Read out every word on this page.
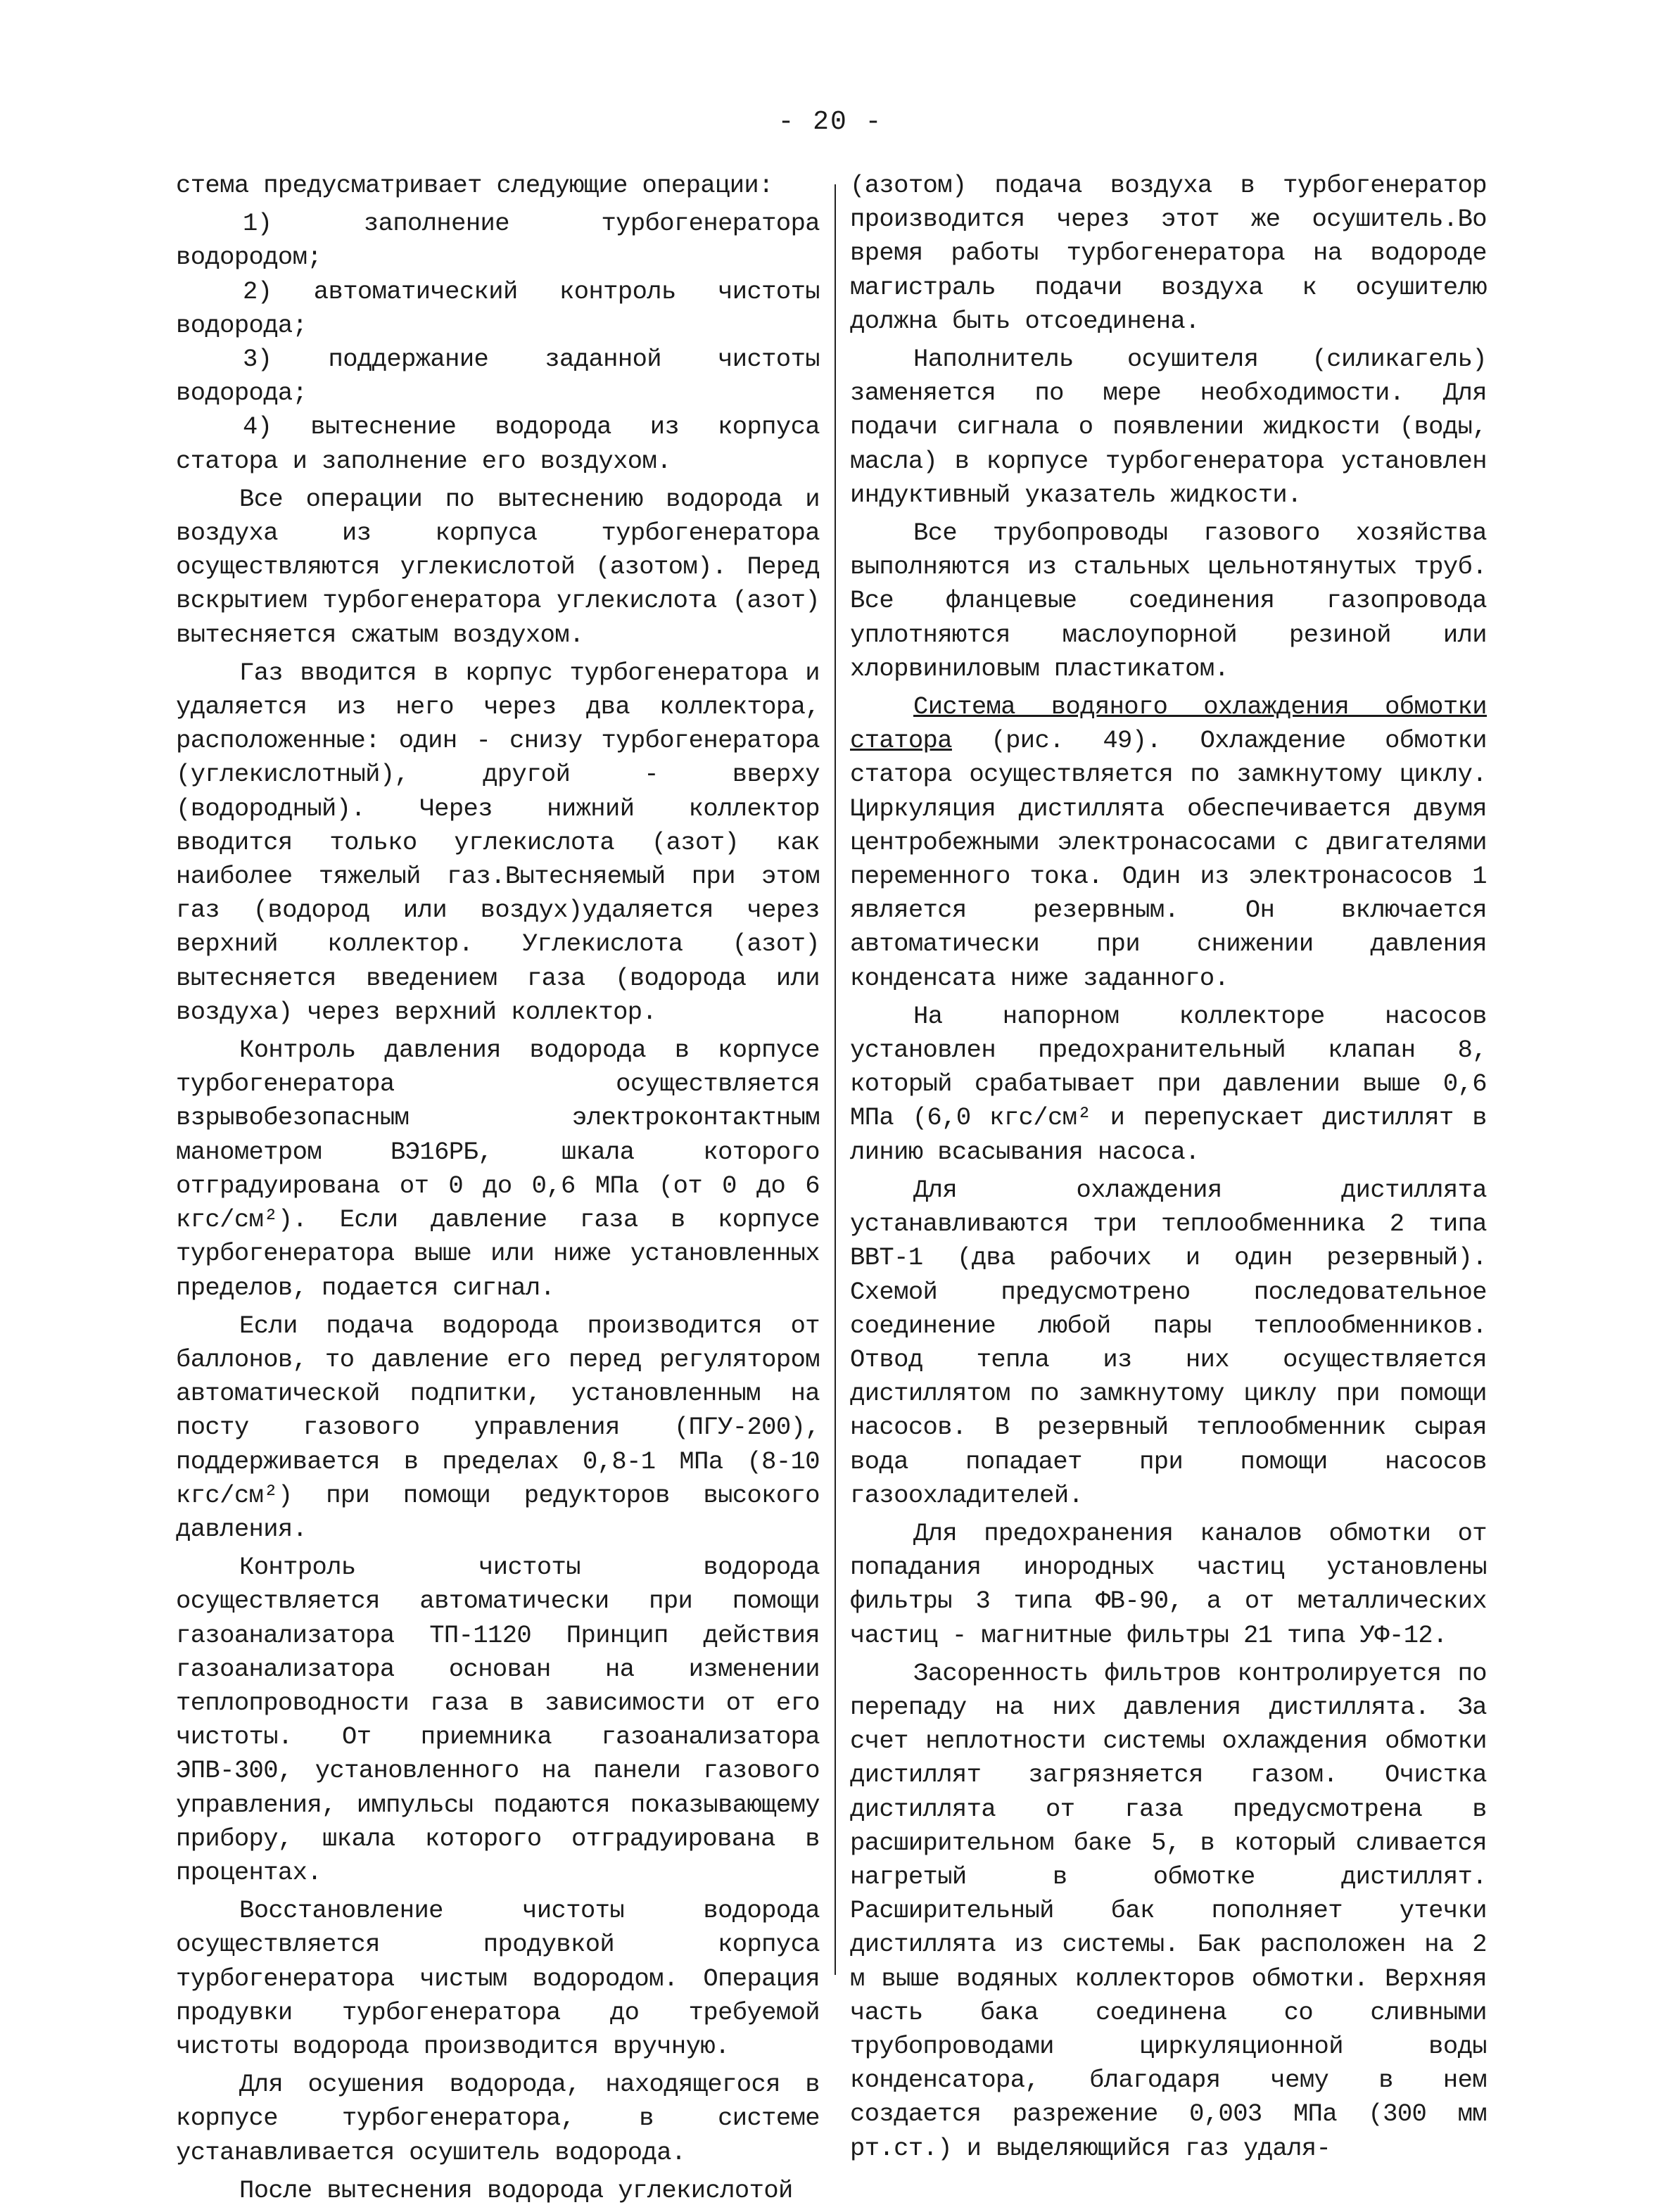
- 20 -

стема предусматривает следующие операции:

1) заполнение турбогенератора водородом;

2) автоматический контроль чистоты водорода;

3) поддержание заданной чистоты водорода;

4) вытеснение водорода из корпуса статора и заполнение его воздухом.

Все операции по вытеснению водорода и воздуха из корпуса турбогенератора осуществляются углекислотой (азотом). Перед вскрытием турбогенератора углекислота (азот) вытесняется сжатым воздухом.

Газ вводится в корпус турбогенератора и удаляется из него через два коллектора, расположенные: один - снизу турбогенератора (углекислотный), другой - вверху (водородный). Через нижний коллектор вводится только углекислота (азот) как наиболее тяжелый газ.Вытесняемый при этом газ (водород или воздух)удаляется через верхний коллектор. Углекислота (азот) вытесняется введением газа (водорода или воздуха) через верхний коллектор.

Контроль давления водорода в корпусе турбогенератора осуществляется взрывобезопасным электроконтактным манометром ВЭ16РБ, шкала которого отградуирована от 0 до 0,6 МПа (от 0 до 6 кгс/см²). Если давление газа в корпусе турбогенератора выше или ниже установленных пределов, подается сигнал.

Если подача водорода производится от баллонов, то давление его перед регулятором автоматической подпитки, установленным на посту газового управления (ПГУ-200), поддерживается в пределах 0,8-1 МПа (8-10 кгс/см²) при помощи редукторов высокого давления.

Контроль чистоты водорода осуществляется автоматически при помощи газоанализатора ТП-1120 Принцип действия газоанализатора основан на изменении теплопроводности газа в зависимости от его чистоты. От приемника газоанализатора ЭПВ-300, установленного на панели газового управления, импульсы подаются показывающему прибору, шкала которого отградуирована в процентах.

Восстановление чистоты водорода осуществляется продувкой корпуса турбогенератора чистым водородом. Операция продувки турбогенератора до требуемой чистоты водорода производится вручную.

Для осушения водорода, находящегося в корпусе турбогенератора, в системе устанавливается осушитель водорода.

После вытеснения водорода углекислотой

(азотом) подача воздуха в турбогенератор производится через этот же осушитель.Во время работы турбогенератора на водороде магистраль подачи воздуха к осушителю должна быть отсоединена.

Наполнитель осушителя (силикагель) заменяется по мере необходимости. Для подачи сигнала о появлении жидкости (воды, масла) в корпусе турбогенератора установлен индуктивный указатель жидкости.

Все трубопроводы газового хозяйства выполняются из стальных цельнотянутых труб. Все фланцевые соединения газопровода уплотняются маслоупорной резиной или хлорвиниловым пластикатом.

Система водяного охлаждения обмотки статора (рис. 49). Охлаждение обмотки статора осуществляется по замкнутому циклу. Циркуляция дистиллята обеспечивается двумя центробежными электронасосами с двигателями переменного тока. Один из электронасосов 1 является резервным. Он включается автоматически при снижении давления конденсата ниже заданного.

На напорном коллекторе насосов установлен предохранительный клапан 8, который срабатывает при давлении выше 0,6 МПа (6,0 кгс/см² и перепускает дистиллят в линию всасывания насоса.

Для охлаждения дистиллята устанавливаются три теплообменника 2 типа ВВТ-1 (два рабочих и один резервный). Схемой предусмотрено последовательное соединение любой пары теплообменников. Отвод тепла из них осуществляется дистиллятом по замкнутому циклу при помощи насосов. В резервный теплообменник сырая вода попадает при помощи насосов газоохладителей.

Для предохранения каналов обмотки от попадания инородных частиц установлены фильтры 3 типа ФВ-90, а от металлических частиц - магнитные фильтры 21 типа УФ-12.

Засоренность фильтров контролируется по перепаду на них давления дистиллята. За счет неплотности системы охлаждения обмотки дистиллят загрязняется газом. Очистка дистиллята от газа предусмотрена в расширительном баке 5, в который сливается нагретый в обмотке дистиллят. Расширительный бак пополняет утечки дистиллята из системы. Бак расположен на 2 м выше водяных коллекторов обмотки. Верхняя часть бака соединена со сливными трубопроводами циркуляционной воды конденсатора, благодаря чему в нем создается разрежение 0,003 МПа (300 мм рт.ст.) и выделяющийся газ удаля-
